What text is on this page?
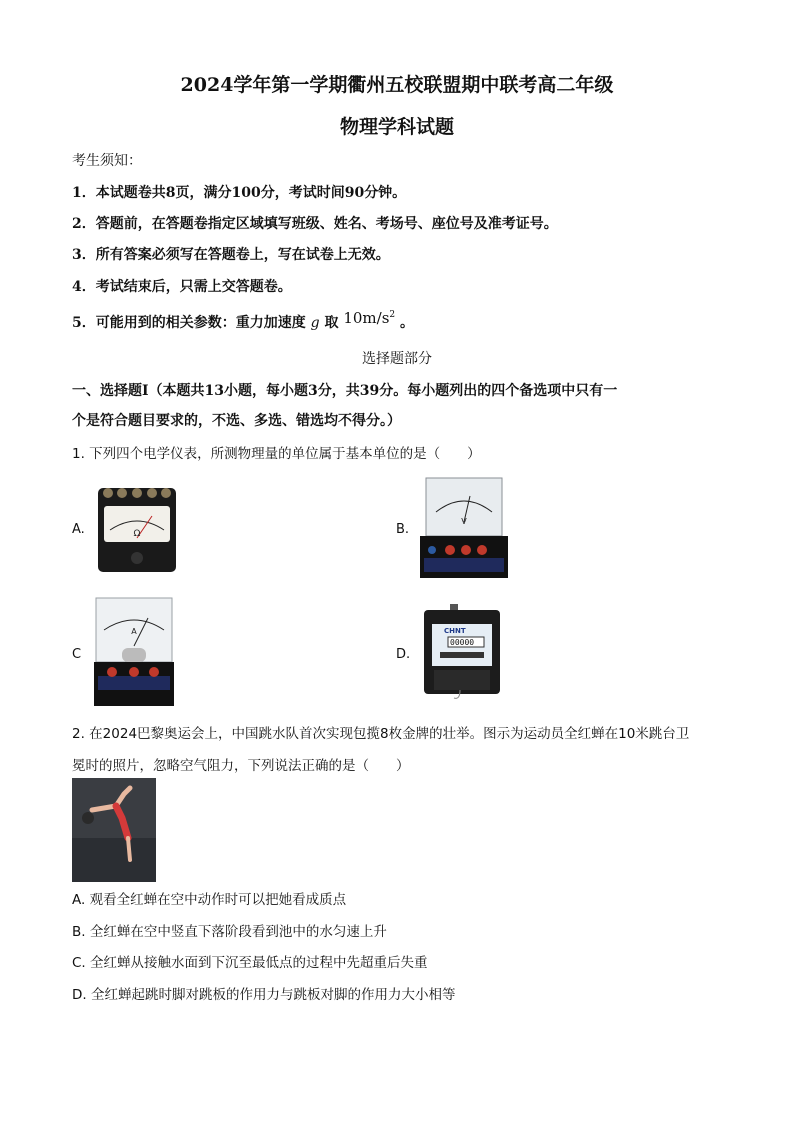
2024学年第一学期衢州五校联盟期中联考高二年级
物理学科试题
考生须知：
1．本试题卷共8页，满分100分，考试时间90分钟。
2．答题前，在答题卷指定区域填写班级、姓名、考场号、座位号及准考证号。
3．所有答案必须写在答题卷上，写在试卷上无效。
4．考试结束后，只需上交答题卷。
5．可能用到的相关参数：重力加速度 g 取 $10m/s^2$ 。
选择题部分
一、选择题Ⅰ（本题共13小题，每小题3分，共39分。每小题列出的四个备选项中只有一
个是符合题目要求的，不选、多选、错选均不得分。）
1. 下列四个电学仪表，所测物理量的单位属于基本单位的是（　　）
A.	Ω	B.
V
C
A
D.
CHNT
00000
2. 在2024巴黎奥运会上，中国跳水队首次实现包揽8枚金牌的壮举。图示为运动员全红蝉在10米跳台卫
冕时的照片，忽略空气阻力，下列说法正确的是（　　）
A. 观看全红蝉在空中动作时可以把她看成质点
B. 全红蝉在空中竖直下落阶段看到池中的水匀速上升
C. 全红蝉从接触水面到下沉至最低点的过程中先超重后失重
D. 全红蝉起跳时脚对跳板的作用力与跳板对脚的作用力大小相等
